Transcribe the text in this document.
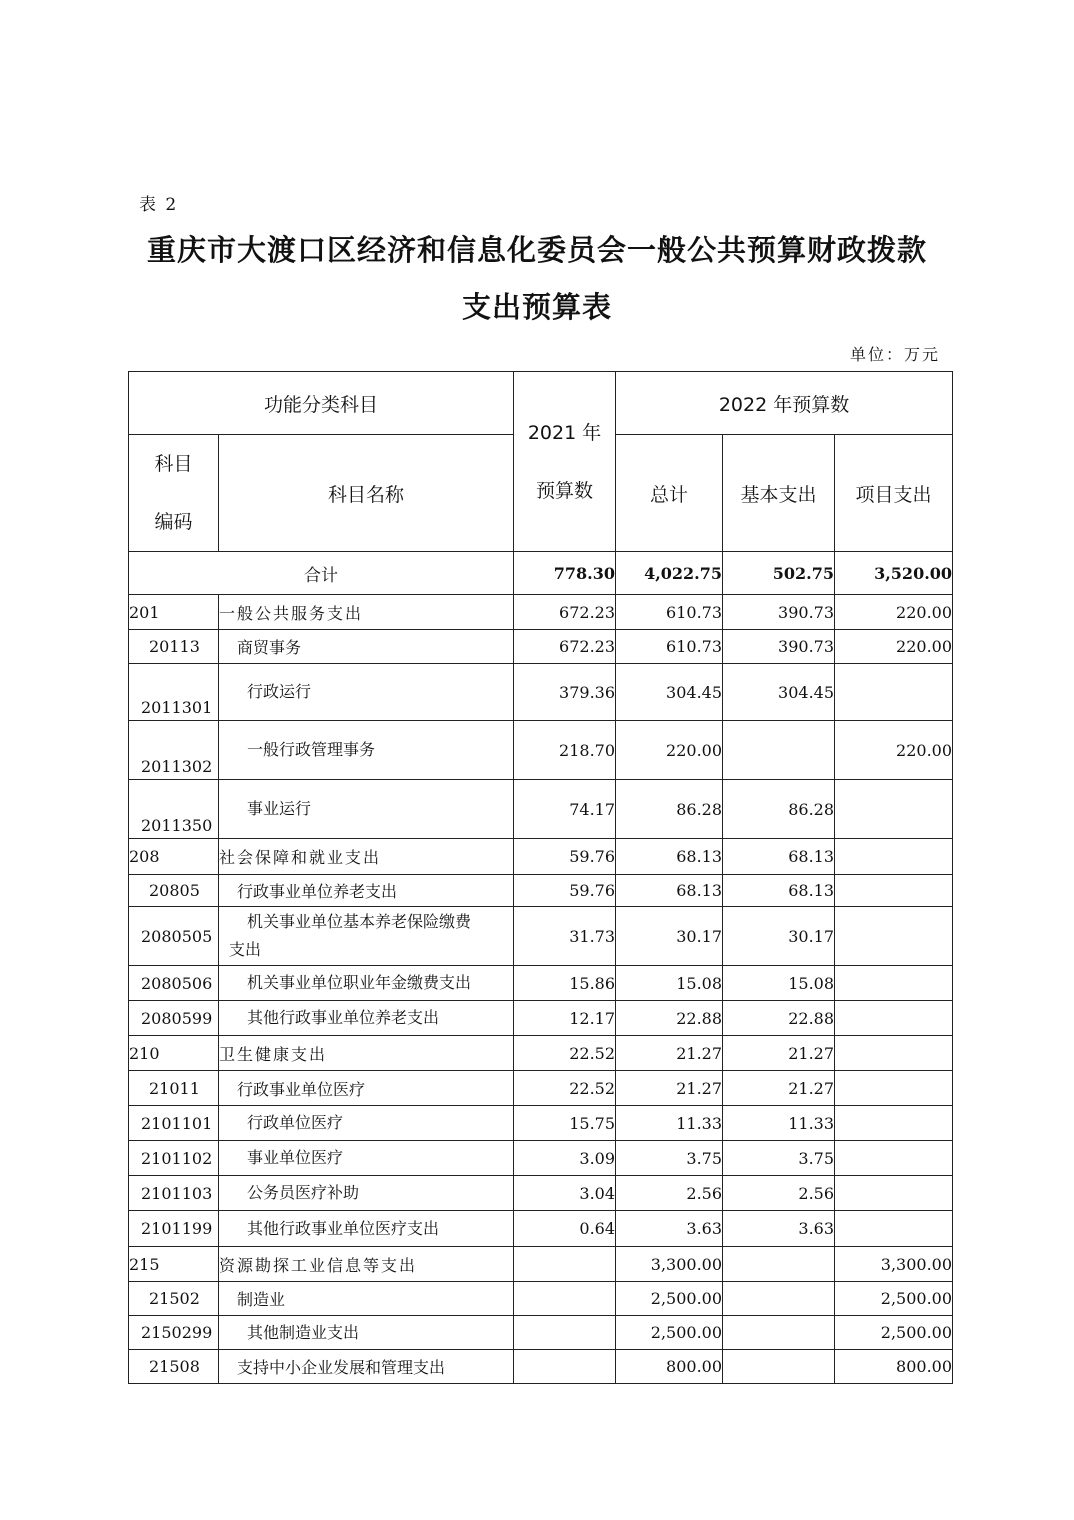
表 2
重庆市大渡口区经济和信息化委员会一般公共预算财政拨款
支出预算表
单位：万元
功能分类科目		2021 年
预算数	2022 年预算数		

科目
编码	科目名称		总计	基本支出	项目支出
合计		778.30	4,022.75	502.75	3,520.00
201	一般公共服务支出	672.23	610.73	390.73	220.00
20113	商贸事务	672.23	610.73	390.73	220.00
2011301	行政运行	379.36	304.45	304.45	
2011302	一般行政管理事务	218.70	220.00		220.00
2011350	事业运行	74.17	86.28	86.28	
208	社会保障和就业支出	59.76	68.13	68.13	
20805	行政事业单位养老支出	59.76	68.13	68.13	
2080505	机关事业单位基本养老保险缴费
支出	31.73	30.17	30.17	
2080506	机关事业单位职业年金缴费支出	15.86	15.08	15.08	
2080599	其他行政事业单位养老支出	12.17	22.88	22.88	
210	卫生健康支出	22.52	21.27	21.27	
21011	行政事业单位医疗	22.52	21.27	21.27	
2101101	行政单位医疗	15.75	11.33	11.33	
2101102	事业单位医疗	3.09	3.75	3.75	
2101103	公务员医疗补助	3.04	2.56	2.56	
2101199	其他行政事业单位医疗支出	0.64	3.63	3.63	
215	资源勘探工业信息等支出		3,300.00		3,300.00
21502	制造业		2,500.00		2,500.00
2150299	其他制造业支出		2,500.00		2,500.00
21508	支持中小企业发展和管理支出		800.00		800.00
